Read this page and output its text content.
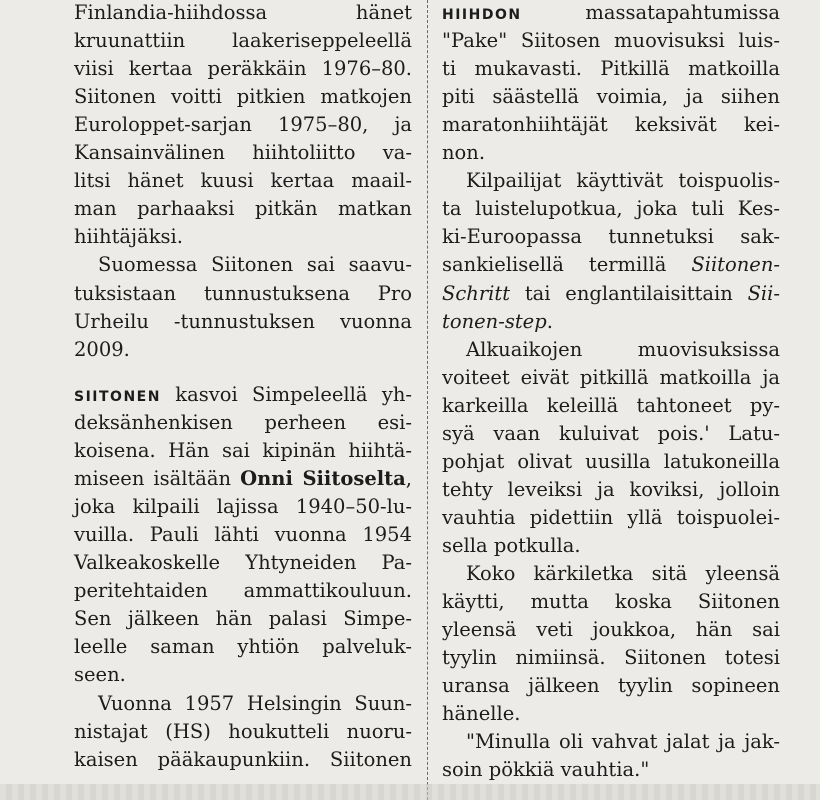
Finlandia-hiihdossa hänet
kruunattiin laakeriseppeleellä
viisi kertaa peräkkäin 1976–80.
Siitonen voitti pitkien matkojen
Euroloppet-sarjan 1975–80, ja
Kansainvälinen hiihtoliitto va-
litsi hänet kuusi kertaa maail-
man parhaaksi pitkän matkan
hiihtäjäksi.
Suomessa Siitonen sai saavu-
tuksistaan tunnustuksena Pro
Urheilu -tunnustuksen vuonna
2009.
SIITONEN kasvoi Simpeleellä yh-
deksänhenkisen perheen esi-
koisena. Hän sai kipinän hiihtä-
miseen isältään Onni Siitoselta,
joka kilpaili lajissa 1940–50-lu-
vuilla. Pauli lähti vuonna 1954
Valkeakoskelle Yhtyneiden Pa-
peritehtaiden ammattikouluun.
Sen jälkeen hän palasi Simpe-
leelle saman yhtiön palveluk-
seen.
Vuonna 1957 Helsingin Suun-
nistajat (HS) houkutteli nuoru-
kaisen pääkaupunkiin. Siitonen
HIIHDON massatapahtumissa
"Pake" Siitosen muovisuksi luis-
ti mukavasti. Pitkillä matkoilla
piti säästellä voimia, ja siihen
maratonhiihtäjät keksivät kei-
non.
Kilpailijat käyttivät toispuolis-
ta luistelupotkua, joka tuli Kes-
ki-Euroopassa tunnetuksi sak-
sankielisellä termillä Siitonen-
Schritt tai englantilaisittain Sii-
tonen-step.
Alkuaikojen muovisuksissa
voiteet eivät pitkillä matkoilla ja
karkeilla keleillä tahtoneet py-
syä vaan kuluivat pois.' Latu-
pohjat olivat uusilla latukoneilla
tehty leveiksi ja koviksi, jolloin
vauhtia pidettiin yllä toispuolei-
sella potkulla.
Koko kärkiletka sitä yleensä
käytti, mutta koska Siitonen
yleensä veti joukkoa, hän sai
tyylin nimiinsä. Siitonen totesi
uransa jälkeen tyylin sopineen
hänelle.
"Minulla oli vahvat jalat ja jak-
soin pökkiä vauhtia."
